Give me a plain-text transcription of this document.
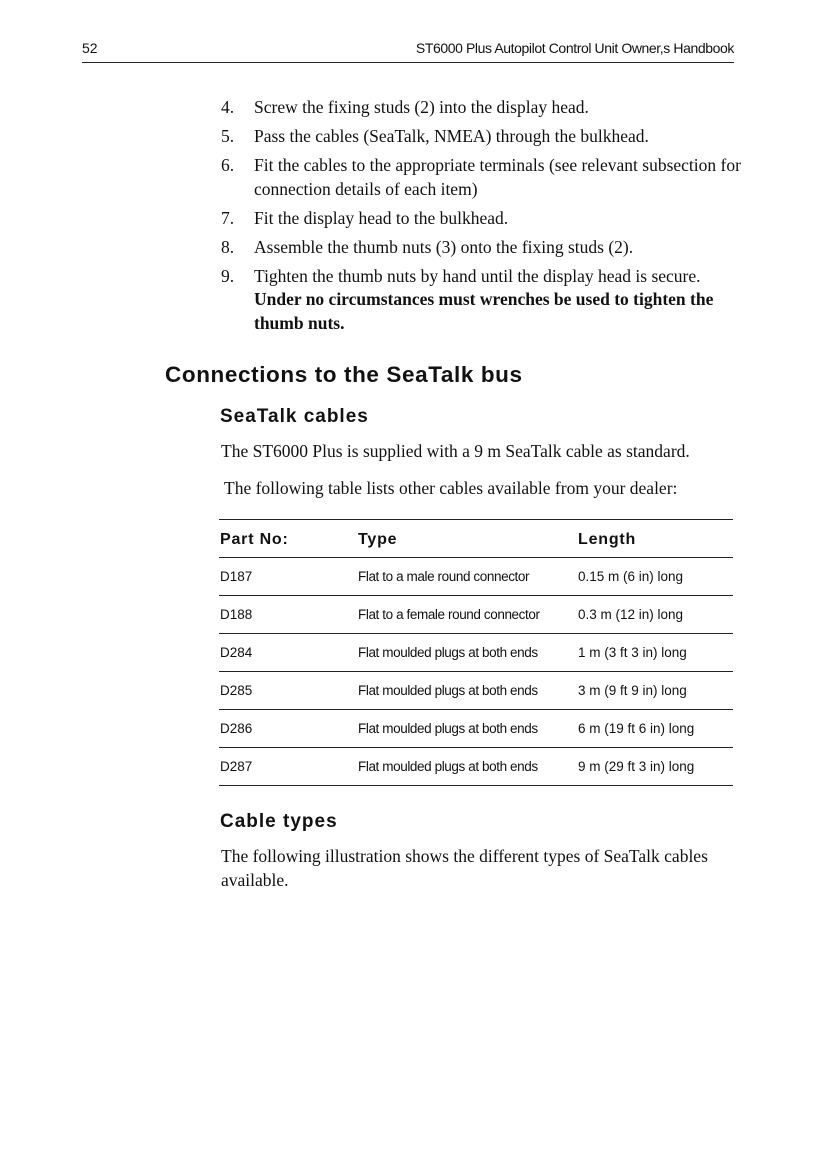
52	ST6000 Plus Autopilot Control Unit Owner,s Handbook
4. Screw the fixing studs (2) into the display head.
5. Pass the cables (SeaTalk, NMEA) through the bulkhead.
6. Fit the cables to the appropriate terminals (see relevant subsection for connection details of each item)
7. Fit the display head to the bulkhead.
8. Assemble the thumb nuts (3) onto the fixing studs (2).
9. Tighten the thumb nuts by hand until the display head is secure.
Under no circumstances must wrenches be used to tighten the thumb nuts.
Connections to the SeaTalk bus
SeaTalk cables

The ST6000 Plus is supplied with a 9 m SeaTalk cable as standard.

The following table lists other cables available from your dealer:

Part No:	Type	Length
D187	Flat to a male round connector	0.15 m (6 in) long
D188	Flat to a female round connector	0.3 m (12 in) long
D284	Flat moulded plugs at both ends	1 m (3 ft 3 in) long
D285	Flat moulded plugs at both ends	3 m (9 ft 9 in) long
D286	Flat moulded plugs at both ends	6 m (19 ft 6 in) long
D287	Flat moulded plugs at both ends	9 m (29 ft 3 in) long
Cable types

The following illustration shows the different types of SeaTalk cables available.
